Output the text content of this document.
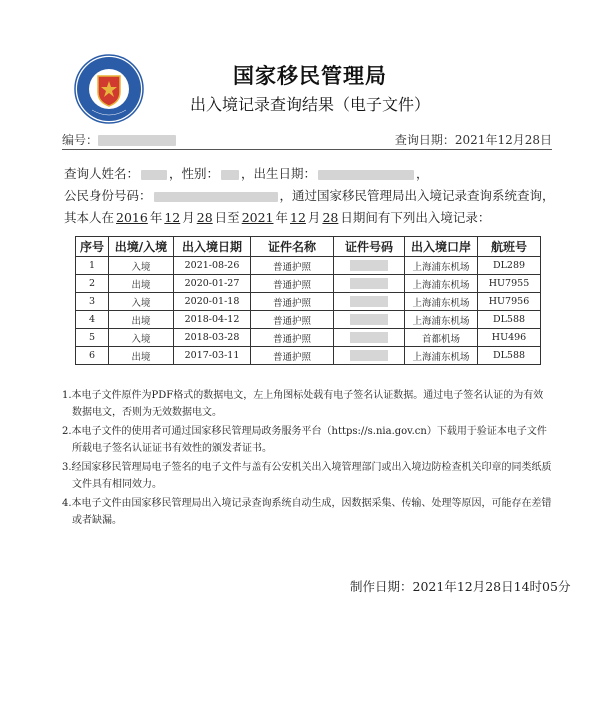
国家移民管理局
出入境记录查询结果（电子文件）
编号：	查询日期：2021年12月28日
查询人姓名： ，性别： ，出生日期：	，
公民身份号码：	，通过国家移民管理局出入境记录查询系统查询，
其本人在 2016 年 12 月 28 日至 2021 年 12 月 28 日期间有下列出入境记录：
序号	出境/入境	出入境日期	证件名称	证件号码	出入境口岸	航班号
1	入境	2021-08-26	普通护照		上海浦东机场	DL289
2	出境	2020-01-27	普通护照		上海浦东机场	HU7955
3	入境	2020-01-18	普通护照		上海浦东机场	HU7956
4	出境	2018-04-12	普通护照		上海浦东机场	DL588
5	入境	2018-03-28	普通护照		首都机场	HU496
6	出境	2017-03-11	普通护照		上海浦东机场	DL588

1.本电子文件原件为PDF格式的数据电文，左上角图标处载有电子签名认证数据。通过电子签名认证的为有效数据电文，否则为无效数据电文。

2.本电子文件的使用者可通过国家移民管理局政务服务平台（https://s.nia.gov.cn）下载用于验证本电子文件所载电子签名认证证书有效性的颁发者证书。

3.经国家移民管理局电子签名的电子文件与盖有公安机关出入境管理部门或出入境边防检查机关印章的同类纸质文件具有相同效力。

4.本电子文件由国家移民管理局出入境记录查询系统自动生成，因数据采集、传输、处理等原因，可能存在差错或者缺漏。

制作日期：2021年12月28日14时05分
